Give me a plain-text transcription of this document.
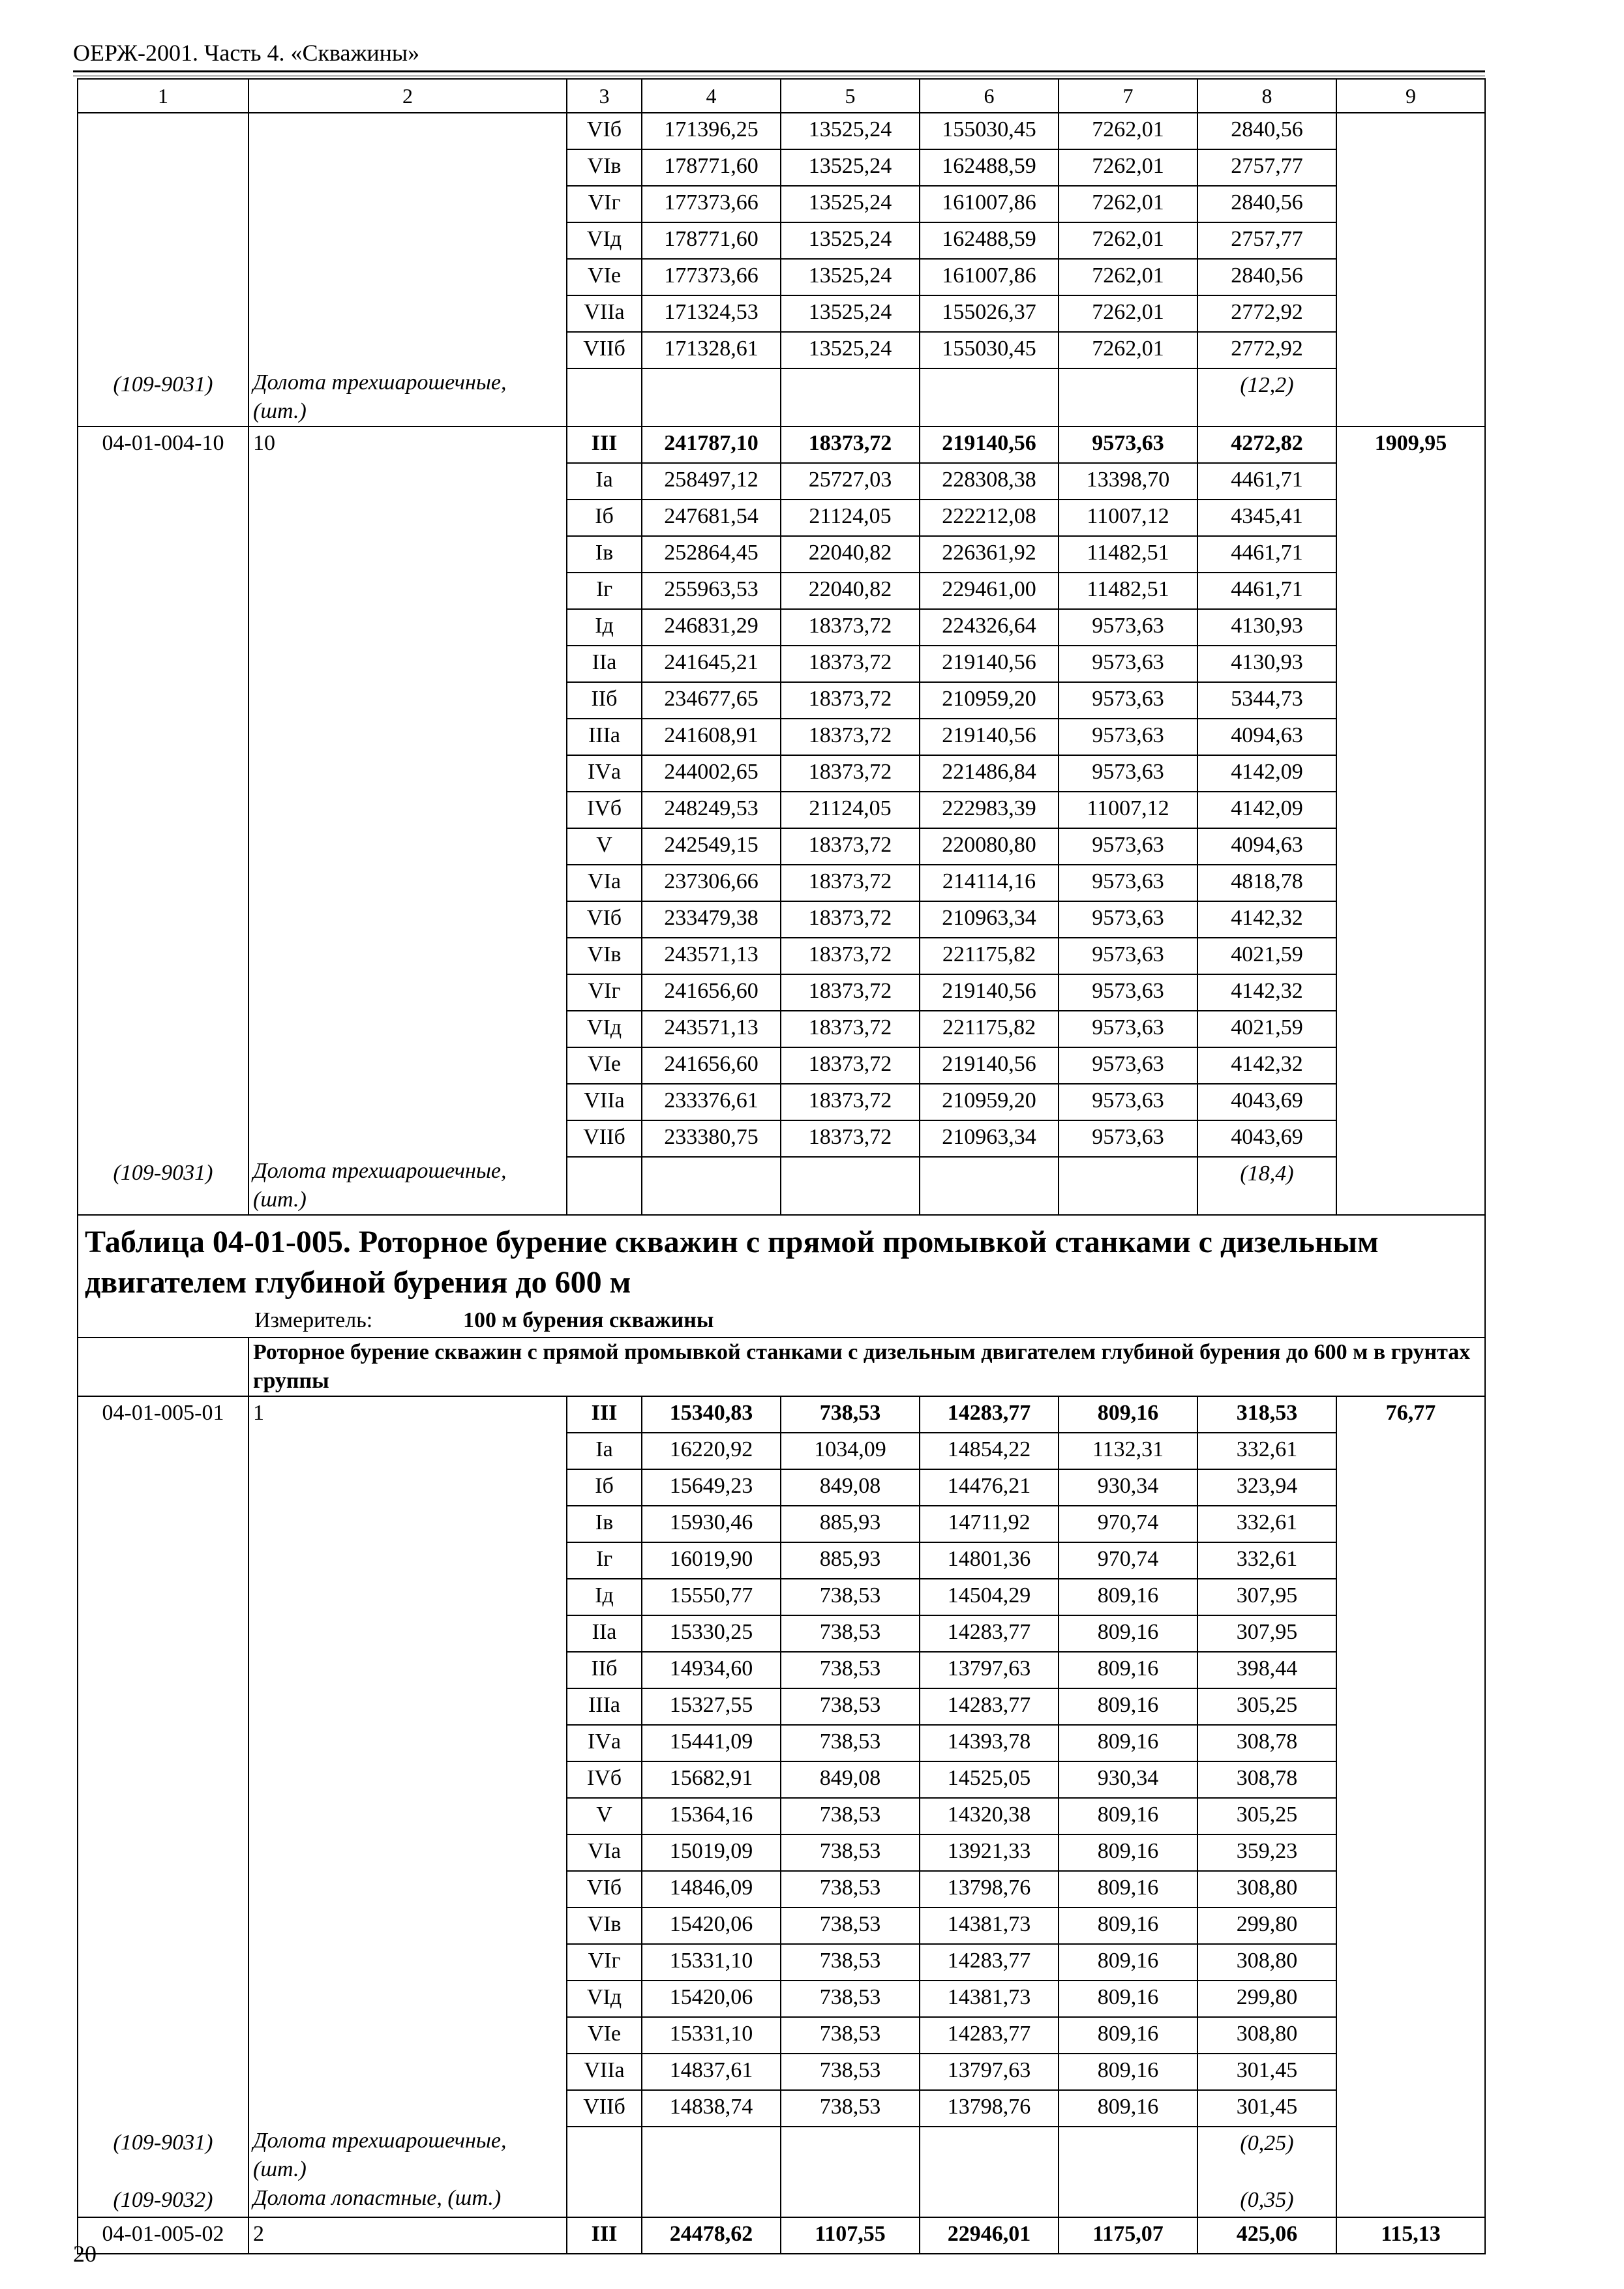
ОЕРЖ-2001. Часть 4. «Скважины»
1	2	3	4	5	6	7	8	9
		VIб	171396,25	13525,24	155030,45	7262,01	2840,56	
		VIв	178771,60	13525,24	162488,59	7262,01	2757,77	
		VIг	177373,66	13525,24	161007,86	7262,01	2840,56	
		VIд	178771,60	13525,24	162488,59	7262,01	2757,77	
		VIе	177373,66	13525,24	161007,86	7262,01	2840,56	
		VIIа	171324,53	13525,24	155026,37	7262,01	2772,92	
		VIIб	171328,61	13525,24	155030,45	7262,01	2772,92	
(109-9031)	Долота трехшарошечные, (шт.)						(12,2)	
04-01-004-10	10	III	241787,10	18373,72	219140,56	9573,63	4272,82	1909,95
		Iа	258497,12	25727,03	228308,38	13398,70	4461,71	
		Iб	247681,54	21124,05	222212,08	11007,12	4345,41	
		Iв	252864,45	22040,82	226361,92	11482,51	4461,71	
		Iг	255963,53	22040,82	229461,00	11482,51	4461,71	
		Iд	246831,29	18373,72	224326,64	9573,63	4130,93	
		IIа	241645,21	18373,72	219140,56	9573,63	4130,93	
		IIб	234677,65	18373,72	210959,20	9573,63	5344,73	
		IIIа	241608,91	18373,72	219140,56	9573,63	4094,63	
		IVа	244002,65	18373,72	221486,84	9573,63	4142,09	
		IVб	248249,53	21124,05	222983,39	11007,12	4142,09	
		V	242549,15	18373,72	220080,80	9573,63	4094,63	
		VIа	237306,66	18373,72	214114,16	9573,63	4818,78	
		VIб	233479,38	18373,72	210963,34	9573,63	4142,32	
		VIв	243571,13	18373,72	221175,82	9573,63	4021,59	
		VIг	241656,60	18373,72	219140,56	9573,63	4142,32	
		VIд	243571,13	18373,72	221175,82	9573,63	4021,59	
		VIе	241656,60	18373,72	219140,56	9573,63	4142,32	
		VIIа	233376,61	18373,72	210959,20	9573,63	4043,69	
		VIIб	233380,75	18373,72	210963,34	9573,63	4043,69	
(109-9031)	Долота трехшарошечные, (шт.)						(18,4)	
Таблица 04-01-005. Роторное бурение скважин с прямой промывкой станками с дизельным двигателем глубиной бурения до 600 м								
Измеритель: 100 м бурения скважины								
	Роторное бурение скважин с прямой промывкой станками с дизельным двигателем глубиной бурения до 600 м в грунтах группы							
04-01-005-01	1	III	15340,83	738,53	14283,77	809,16	318,53	76,77
		Iа	16220,92	1034,09	14854,22	1132,31	332,61	
		Iб	15649,23	849,08	14476,21	930,34	323,94	
		Iв	15930,46	885,93	14711,92	970,74	332,61	
		Iг	16019,90	885,93	14801,36	970,74	332,61	
		Iд	15550,77	738,53	14504,29	809,16	307,95	
		IIа	15330,25	738,53	14283,77	809,16	307,95	
		IIб	14934,60	738,53	13797,63	809,16	398,44	
		IIIа	15327,55	738,53	14283,77	809,16	305,25	
		IVа	15441,09	738,53	14393,78	809,16	308,78	
		IVб	15682,91	849,08	14525,05	930,34	308,78	
		V	15364,16	738,53	14320,38	809,16	305,25	
		VIа	15019,09	738,53	13921,33	809,16	359,23	
		VIб	14846,09	738,53	13798,76	809,16	308,80	
		VIв	15420,06	738,53	14381,73	809,16	299,80	
		VIг	15331,10	738,53	14283,77	809,16	308,80	
		VIд	15420,06	738,53	14381,73	809,16	299,80	
		VIе	15331,10	738,53	14283,77	809,16	308,80	
		VIIа	14837,61	738,53	13797,63	809,16	301,45	
		VIIб	14838,74	738,53	13798,76	809,16	301,45	
(109-9031)	Долота трехшарошечные, (шт.)						(0,25)	
(109-9032)	Долота лопастные, (шт.)						(0,35)	
04-01-005-02	2	III	24478,62	1107,55	22946,01	1175,07	425,06	115,13
20
